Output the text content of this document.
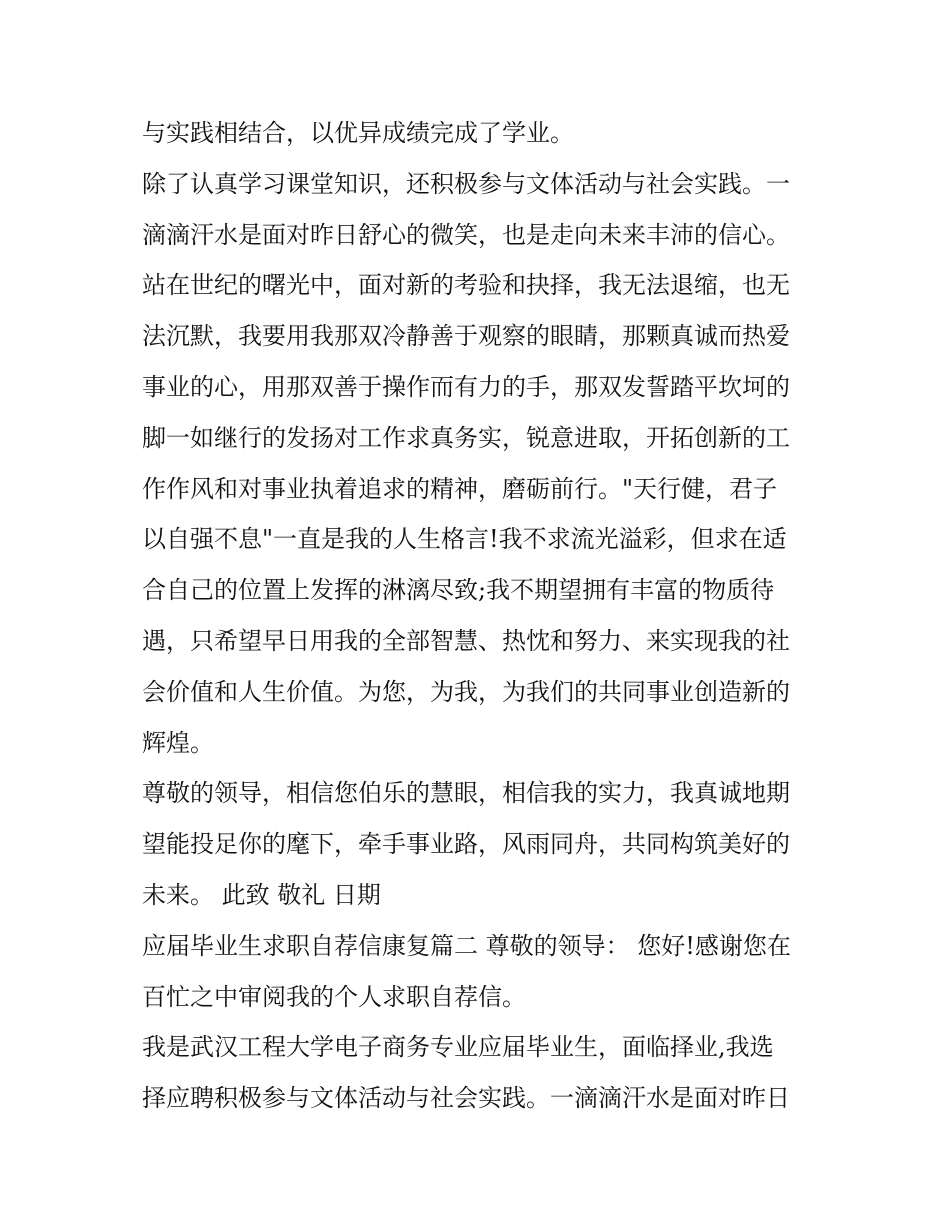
与实践相结合，以优异成绩完成了学业。
除了认真学习课堂知识，还积极参与文体活动与社会实践。一
滴滴汗水是面对昨日舒心的微笑，也是走向未来丰沛的信心。
站在世纪的曙光中，面对新的考验和抉择，我无法退缩，也无
法沉默，我要用我那双冷静善于观察的眼睛，那颗真诚而热爱
事业的心，用那双善于操作而有力的手，那双发誓踏平坎坷的
脚一如继行的发扬对工作求真务实，锐意进取，开拓创新的工
作作风和对事业执着追求的精神，磨砺前行。"天行健，君子
以自强不息"一直是我的人生格言!我不求流光溢彩，但求在适
合自己的位置上发挥的淋漓尽致;我不期望拥有丰富的物质待
遇，只希望早日用我的全部智慧、热忱和努力、来实现我的社
会价值和人生价值。为您，为我，为我们的共同事业创造新的
辉煌。
尊敬的领导，相信您伯乐的慧眼，相信我的实力，我真诚地期
望能投足你的麾下，牵手事业路，风雨同舟，共同构筑美好的
未来。 此致 敬礼 日期
应届毕业生求职自荐信康复篇二 尊敬的领导： 您好!感谢您在
百忙之中审阅我的个人求职自荐信。
我是武汉工程大学电子商务专业应届毕业生，面临择业,我选
择应聘积极参与文体活动与社会实践。一滴滴汗水是面对昨日
